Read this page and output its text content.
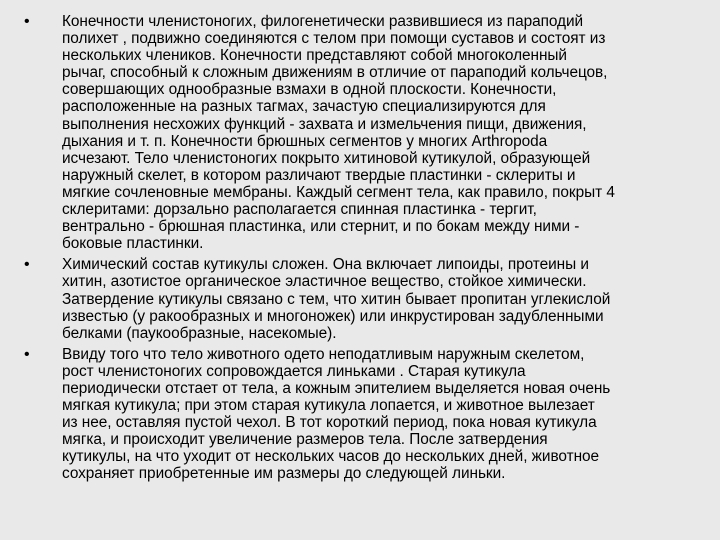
•	Конечности членистоногих, филогенетически развившиеся из параподий
полихет , подвижно соединяются с телом при помощи суставов и состоят из
нескольких члеников. Конечности представляют собой многоколенный
рычаг, способный к сложным движениям в отличие от параподий кольчецов,
совершающих однообразные взмахи в одной плоскости. Конечности,
расположенные на разных тагмах, зачастую специализируются для
выполнения несхожих функций - захвата и измельчения пищи, движения,
дыхания и т. п. Конечности брюшных сегментов у многих Arthropoda
исчезают. Тело членистоногих покрыто хитиновой кутикулой, образующей
наружный скелет, в котором различают твердые пластинки - склериты и
мягкие сочленовные мембраны. Каждый сегмент тела, как правило, покрыт 4
склеритами: дорзально располагается спинная пластинка - тергит,
вентрально - брюшная пластинка, или стернит, и по бокам между ними -
боковые пластинки.
•	Химический состав кутикулы сложен. Она включает липоиды, протеины и
хитин, азотистое органическое эластичное вещество, стойкое химически.
Затвердение кутикулы связано с тем, что хитин бывает пропитан углекислой
известью (у ракообразных и многоножек) или инкрустирован задубленными
белками (паукообразные, насекомые).
•	Ввиду того что тело животного одето неподатливым наружным скелетом,
рост членистоногих сопровождается линьками . Старая кутикула
периодически отстает от тела, а кожным эпителием выделяется новая очень
мягкая кутикула; при этом старая кутикула лопается, и животное вылезает
из нее, оставляя пустой чехол. В тот короткий период, пока новая кутикула
мягка, и происходит увеличение размеров тела. После затвердения
кутикулы, на что уходит от нескольких часов до нескольких дней, животное
сохраняет приобретенные им размеры до следующей линьки.
